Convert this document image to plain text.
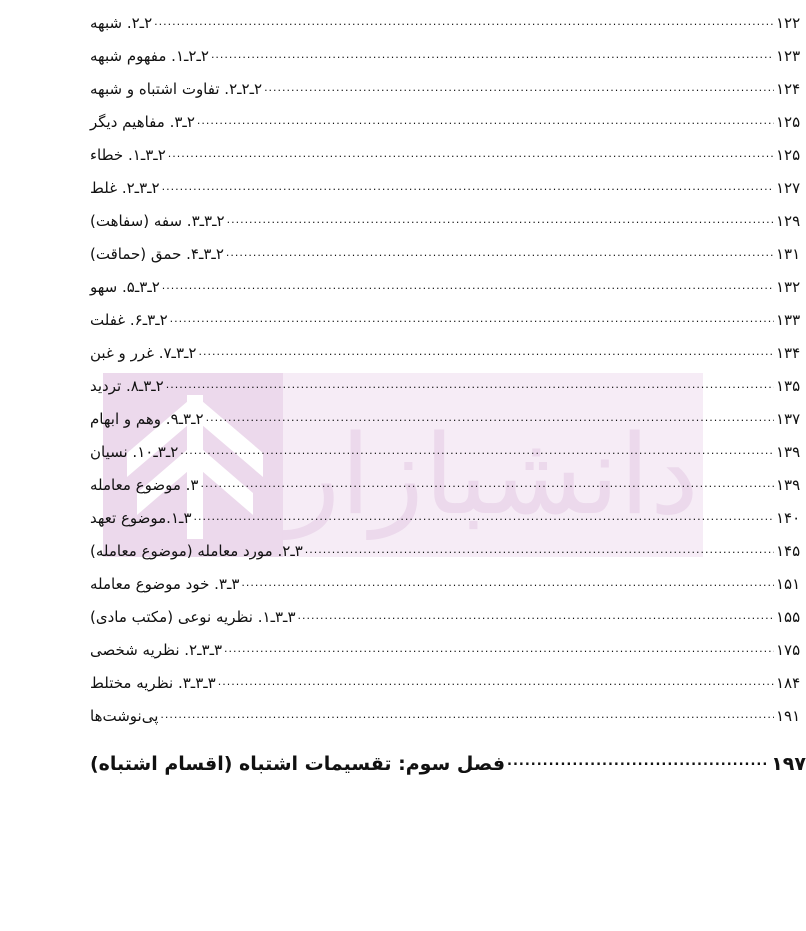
دانشبازار
۲ـ۲. شبهه .....	۱۲۲
۲ـ۲ـ۱. مفهوم شبهه .....	۱۲۳
۲ـ۲ـ۲. تفاوت اشتباه و شبهه .....	۱۲۴
۲ـ۳. مفاهیم دیگر .....	۱۲۵
۲ـ۳ـ۱. خطاء .....	۱۲۵
۲ـ۳ـ۲. غلط .....	۱۲۷
۲ـ۳ـ۳. سفه (سفاهت) .....	۱۲۹
۲ـ۳ـ۴. حمق (حماقت) .....	۱۳۱
۲ـ۳ـ۵. سهو .....	۱۳۲
۲ـ۳ـ۶. غفلت .....	۱۳۳
۲ـ۳ـ۷. غرر و غبن .....	۱۳۴
۲ـ۳ـ۸. تردید .....	۱۳۵
۲ـ۳ـ۹. وهم و ابهام .....	۱۳۷
۲ـ۳ـ۱۰. نسیان .....	۱۳۹
۳. موضوع معامله .....	۱۳۹
۳ـ۱.موضوع تعهد .....	۱۴۰
۳ـ۲. مورد معامله (موضوع معامله) .....	۱۴۵
۳ـ۳. خود موضوع معامله .....	۱۵۱
۳ـ۳ـ۱. نظریه نوعی (مکتب مادی) .....	۱۵۵
۳ـ۳ـ۲. نظریه شخصی .....	۱۷۵
۳ـ۳ـ۳. نظریه مختلط .....	۱۸۴
پی‌نوشت‌ها .....	۱۹۱
فصل سوم: تقسیمات اشتباه (اقسام اشتباه) .....	۱۹۷
